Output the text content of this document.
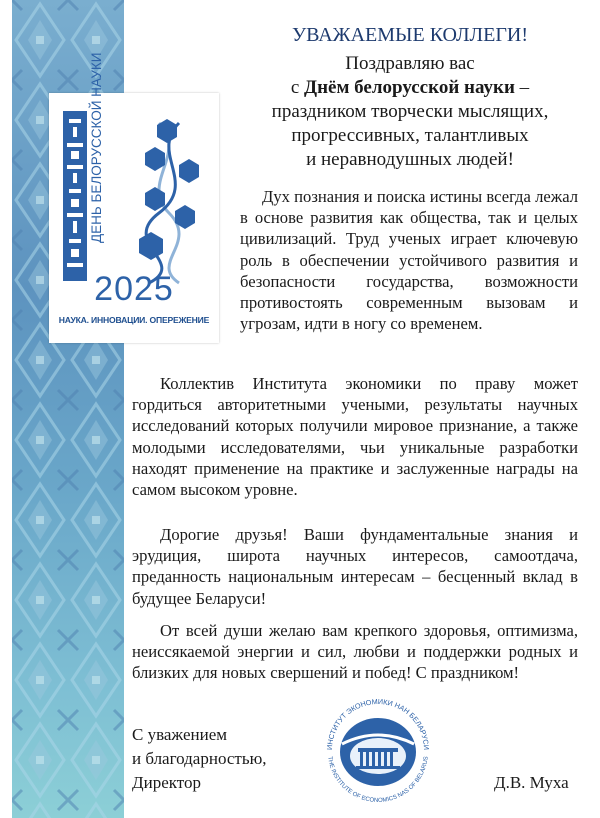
ДЕНЬ БЕЛОРУССКОЙ НАУКИ
2025
НАУКА. ИННОВАЦИИ. ОПЕРЕЖЕНИЕ
УВАЖАЕМЫЕ КОЛЛЕГИ!
Поздравляю вас
с Днём белорусской науки –
праздником творчески мыслящих,
прогрессивных, талантливых
и неравнодушных людей!
Дух познания и поиска истины всегда лежал в основе развития как общества, так и целых цивилизаций. Труд ученых играет ключевую роль в обеспечении устойчивого развития и безопасности государства, возможности противостоять современным вызовам и угрозам, идти в ногу со временем.
Коллектив Института экономики по праву может гордиться авторитетными учеными, результаты научных исследований которых получили мировое признание, а также молодыми исследователями, чьи уникальные разработки находят применение на практике и заслуженные награды на самом высоком уровне.
Дорогие друзья! Ваши фундаментальные знания и эрудиция, широта научных интересов, самоотдача, преданность национальным интересам – бесценный вклад в будущее Беларуси!
От всей души желаю вам крепкого здоровья, оптимизма, неиссякаемой энергии и сил, любви и поддержки родных и близких для новых свершений и побед! С праздником!
С уважением
и благодарностью,
Директор	Д.В. Муха
ИНСТИТУТ ЭКОНОМИКИ НАН БЕЛАРУСИ
THE INSTITUTE OF ECONOMICS NAS OF BELARUS
